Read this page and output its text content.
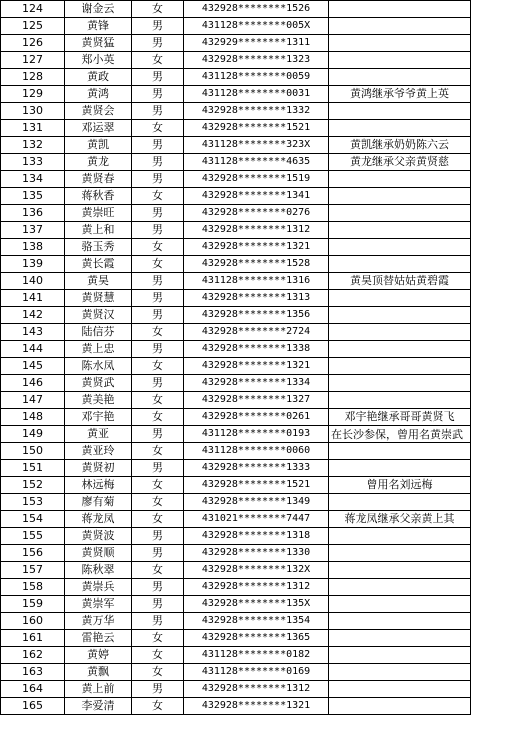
124	谢金云	女	432928********1526	
125	黄锋	男	431128********005X	
126	黄贤猛	男	432929********1311	
127	郑小英	女	432928********1323	
128	黄政	男	431128********0059	
129	黄鸿	男	431128********0031	黄鸿继承爷爷黄上英
130	黄贤会	男	432928********1332	
131	邓运翠	女	432928********1521	
132	黄凯	男	431128********323X	黄凯继承奶奶陈六云
133	黄龙	男	431128********4635	黄龙继承父亲黄贤慈
134	黄贤春	男	432928********1519	
135	蒋秋香	女	432928********1341	
136	黄崇旺	男	432928********0276	
137	黄上和	男	432928********1312	
138	骆玉秀	女	432928********1321	
139	黄长霞	女	432928********1528	
140	黄昊	男	431128********1316	黄昊顶替姑姑黄碧霞
141	黄贤慧	男	432928********1313	
142	黄贤汉	男	432928********1356	
143	陆信芬	女	432928********2724	
144	黄上忠	男	432928********1338	
145	陈水凤	女	432928********1321	
146	黄贤武	男	432928********1334	
147	黄美艳	女	432928********1327	
148	邓宇艳	女	432928********0261	邓宇艳继承哥哥黄贤飞
149	黄亚	男	431128********0193	在长沙参保，曾用名黄崇武
150	黄亚玲	女	431128********0060	
151	黄贤初	男	432928********1333	
152	林远梅	女	432928********1521	曾用名刘远梅
153	廖有菊	女	432928********1349	
154	蒋龙凤	女	431021********7447	蒋龙凤继承父亲黄上其
155	黄贤波	男	432928********1318	
156	黄贤顺	男	432928********1330	
157	陈秋翠	女	432928********132X	
158	黄崇兵	男	432928********1312	
159	黄崇军	男	432928********135X	
160	黄万华	男	432928********1354	
161	雷艳云	女	432928********1365	
162	黄婷	女	431128********0182	
163	黄飘	女	431128********0169	
164	黄上前	男	432928********1312	
165	李爱清	女	432928********1321	
